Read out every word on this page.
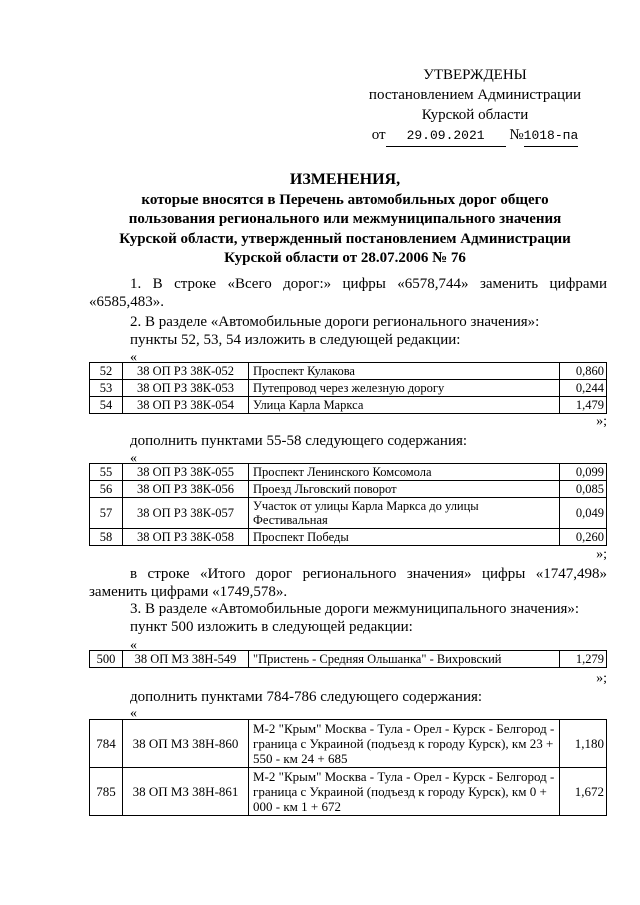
УТВЕРЖДЕНЫ
постановлением Администрации
Курской области
от 29.09.2021 №1018-па
ИЗМЕНЕНИЯ,
которые вносятся в Перечень автомобильных дорог общего
пользования регионального или межмуниципального значения
Курской области, утвержденный постановлением Администрации
Курской области от 28.07.2006 № 76
1. В строке «Всего дорог:» цифры «6578,744» заменить цифрами «6585,483».
2. В разделе «Автомобильные дороги регионального значения»:
пункты 52, 53, 54 изложить в следующей редакции:
«
52	38 ОП РЗ 38К-052	Проспект Кулакова	0,860
53	38 ОП РЗ 38К-053	Путепровод через железную дорогу	0,244
54	38 ОП РЗ 38К-054	Улица Карла Маркса	1,479
»;
дополнить пунктами 55-58 следующего содержания:
«
55	38 ОП РЗ 38К-055	Проспект Ленинского Комсомола	0,099
56	38 ОП РЗ 38К-056	Проезд Льговский поворот	0,085
57	38 ОП РЗ 38К-057	Участок от улицы Карла Маркса до улицы Фестивальная	0,049
58	38 ОП РЗ 38К-058	Проспект Победы	0,260
»;
в строке «Итого дорог регионального значения» цифры «1747,498» заменить цифрами «1749,578».
3. В разделе «Автомобильные дороги межмуниципального значения»:
пункт 500 изложить в следующей редакции:
«
500	38 ОП МЗ 38Н-549	"Пристень - Средняя Ольшанка" - Вихровский	1,279
»;
дополнить пунктами 784-786 следующего содержания:
«
784	38 ОП МЗ 38Н-860	М-2 "Крым" Москва - Тула - Орел - Курск - Белгород - граница с Украиной (подъезд к городу Курск), км 23 + 550 - км 24 + 685	1,180
785	38 ОП МЗ 38Н-861	М-2 "Крым" Москва - Тула - Орел - Курск - Белгород - граница с Украиной (подъезд к городу Курск), км 0 + 000 - км 1 + 672	1,672
